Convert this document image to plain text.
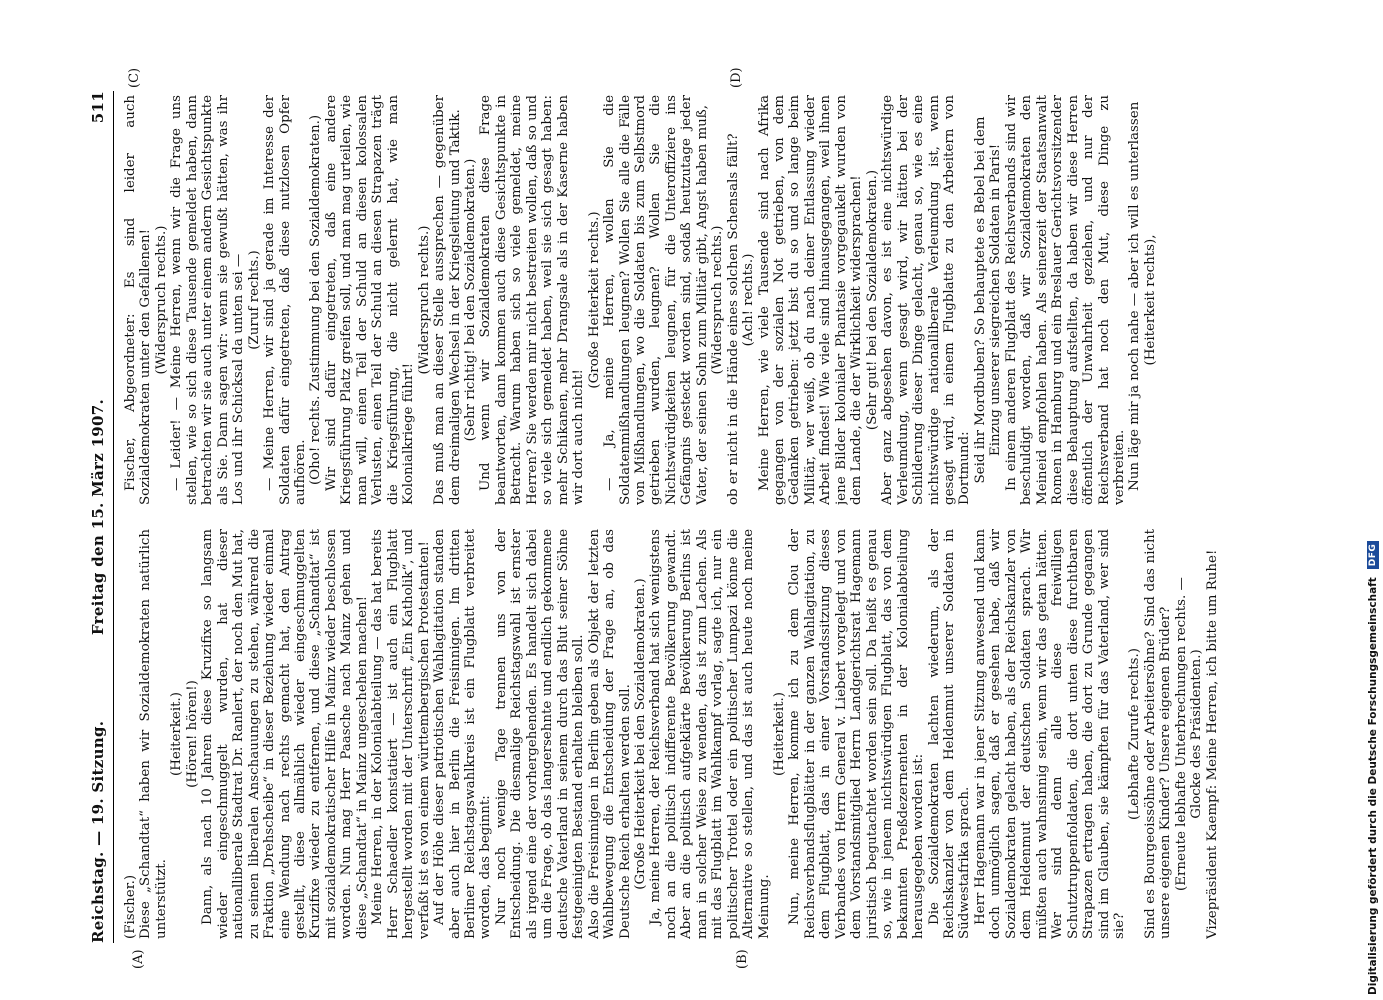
Reichstag. — 19. Sitzung.
511
Freitag den 15. März 1907.
(A)	(B)
(C)	(D)

(Fischer.) Diese „Schandtat“ haben wir Sozialdemokraten natürlich unterstützt.

(Heiterkeit.) (Hören! hören!) Dann, als nach 10 Jahren diese Kruzifixe so langsam wieder eingeschmuggelt wurden, hat dieser nationalliberale Stadtrat Dr. Ranlert, der noch den Mut hat, zu seinen liberalen Anschauungen zu stehen, während die Fraktion „Drehscheibe“ in dieser Beziehung wieder einmal eine Wendung nach rechts gemacht hat, den Antrag gestellt, diese allmählich wieder eingeschmuggelten Kruzifixe wieder zu entfernen, und diese „Schandtat“ ist mit sozialdemokratischer Hilfe in Mainz wieder beschlossen worden. Nun mag Herr Paasche nach Mainz gehen und diese „Schandtat“ in Mainz ungeschehen machen! Meine Herren, in der Kolonialabteilung — das hat bereits Herr Schaedler konstatiert — ist auch ein Flugblatt hergestellt worden mit der Unterschrift „Ein Katholik“, und verfaßt ist es von einem württembergischen Protestanten! Auf der Höhe dieser patriotischen Wahlagitation standen aber auch hier in Berlin die Freisinnigen. Im dritten Berliner Reichstagswahlkreis ist ein Flugblatt verbreitet worden, das beginnt: Nur noch wenige Tage trennen uns von der Entscheidung. Die diesmalige Reichstagswahl ist ernster als irgend eine der vorhergehenden. Es handelt sich dabei um die Frage, ob das langersehnte und endlich gekommene deutsche Vaterland in seinem durch das Blut seiner Söhne festgeeinigten Bestand erhalten bleiben soll. Also die Freisinnigen in Berlin geben als Objekt der letzten Wahlbewegung die Entscheidung der Frage an, ob das Deutsche Reich erhalten werden soll. (Große Heiterkeit bei den Sozialdemokraten.) Ja, meine Herren, der Reichsverband hat sich wenigstens noch an die politisch indifferente Bevölkerung gewandt. Aber an die politisch aufgeklärte Bevölkerung Berlins ist man in solcher Weise zu wenden, das ist zum Lachen. Als mit das Flugblatt im Wahlkampf vorlag, sagte ich, nur ein politischer Trottel oder ein politischer Lumpazi könne die Alternative so stellen, und das ist auch heute noch meine Meinung.

(Heiterkeit.) Nun, meine Herren, komme ich zu dem Clou der Reichsverbandsflugblätter in der ganzen Wahlagitation, zu dem Flugblatt, das in einer Vorstandssitzung dieses Verbandes von Herrn General v. Liebert vorgelegt und von dem Vorstandsmitglied Herrn Landgerichtsrat Hagemann juristisch begutachtet worden sein soll. Da heißt es genau so, wie in jenem nichtswürdigen Flugblatt, das von dem bekannten Preßdezernenten in der Kolonialabteilung herausgegeben worden ist: Die Sozialdemokraten lachten wiederum, als der Reichskanzler von dem Heldenmut unserer Soldaten in Südwestafrika sprach. Herr Hagemann war in jener Sitzung anwesend und kann doch unmöglich sagen, daß er gesehen habe, daß wir Sozialdemokraten gelacht haben, als der Reichskanzler von dem Heldenmut der deutschen Soldaten sprach. Wir müßten auch wahnsinnig sein, wenn wir das getan hätten. Wer sind denn alle diese freiwilligen Schutztruppenfoldaten, die dort unten diese furchtbaren Strapazen ertragen haben, die dort zu Grunde gegangen sind im Glauben, sie kämpften für das Vaterland, wer sind sie?

(Lebhafte Zurufe rechts.) Sind es Bourgeoissöhne oder Arbeitersöhne? Sind das nicht unsere eigenen Kinder? Unsere eigenen Brüder? (Erneute lebhafte Unterbrechungen rechts. — Glocke des Präsidenten.) Vizepräsident Kaempf: Meine Herren, ich bitte um Ruhe!

Fischer, Abgeordneter: Es sind leider auch Sozialdemokraten unter den Gefallenen! (Widerspruch rechts.) — Leider! — Meine Herren, wenn wir die Frage uns stellen, wie so sich diese Tausende gemeldet haben, dann betrachten wir sie auch unter einem andern Gesichtspunkte als Sie. Dann sagen wir: wenn sie gewußt hätten, was ihr Los und ihr Schicksal da unten sei — (Zuruf rechts.) — Meine Herren, wir sind ja gerade im Interesse der Soldaten dafür eingetreten, daß diese nutzlosen Opfer aufhören. (Oho! rechts. Zustimmung bei den Sozialdemokraten.) Wir sind dafür eingetreten, daß eine andere Kriegsführung Platz greifen soll, und man mag urteilen, wie man will, einen Teil der Schuld an diesen kolossalen Verlusten, einen Teil der Schuld an diesen Strapazen trägt die Kriegsführung, die nicht gelernt hat, wie man Kolonialkriege führt!

(Widerspruch rechts.) Das muß man an dieser Stelle aussprechen — gegenüber dem dreimaligen Wechsel in der Kriegsleitung und Taktik. (Sehr richtig! bei den Sozialdemokraten.) Und wenn wir Sozialdemokraten diese Frage beantworten, dann kommen auch diese Gesichtspunkte in Betracht. Warum haben sich so viele gemeldet, meine Herren? Sie werden mir nicht bestreiten wollen, daß so und so viele sich gemeldet haben, weil sie sich gesagt haben: mehr Schikanen, mehr Drangsale als in der Kaserne haben wir dort auch nicht!

(Große Heiterkeit rechts.) — Ja, meine Herren, wollen Sie die Soldatenmißhandlungen leugnen? Wollen Sie alle die Fälle von Mißhandlungen, wo die Soldaten bis zum Selbstmord getrieben wurden, leugnen? Wollen Sie die Nichtswürdigkeiten leugnen, für die Unteroffiziere ins Gefängnis gesteckt worden sind, sodaß heutzutage jeder Vater, der seinen Sohn zum Militär gibt, Angst haben muß, (Widerspruch rechts.) ob er nicht in die Hände eines solchen Schensals fällt? (Ach! rechts.) Meine Herren, wie viele Tausende sind nach Afrika gegangen von der sozialen Not getrieben, von dem Gedanken getrieben: jetzt bist du so und so lange beim Militär, wer weiß, ob du nach deiner Entlassung wieder Arbeit findest! Wie viele sind hinausgegangen, weil ihnen jene Bilder kolonialer Phantasie vorgegaukelt wurden von dem Lande, die der Wirklichkeit widersprachen! (Sehr gut! bei den Sozialdemokraten.) Aber ganz abgesehen davon, es ist eine nichtswürdige Verleumdung, wenn gesagt wird, wir hätten bei der Schilderung dieser Dinge gelacht, genau so, wie es eine nichtswürdige nationalliberale Verleumdung ist, wenn gesagt wird, in einem Flugblatte zu den Arbeitern von Dortmund: Seid ihr Mordbuben? So behauptete es Bebel bei dem Einzug unserer siegreichen Soldaten in Paris! In einem anderen Flugblatt des Reichsverbands sind wir beschuldigt worden, daß wir Sozialdemokraten den Meineid empfohlen haben. Als seinerzeit der Staatsanwalt Romen in Hamburg und ein Breslauer Gerichtsvorsitzender diese Behauptung aufstellten, da haben wir diese Herren öffentlich der Unwahrheit geziehen, und nur der Reichsverband hat noch den Mut, diese Dinge zu verbreiten. Nun läge mir ja noch nahe — aber ich will es unterlassen (Heiterkeit rechts),

Digitalisierung gefördert durch die Deutsche Forschungsgemeinschaft
DFG
